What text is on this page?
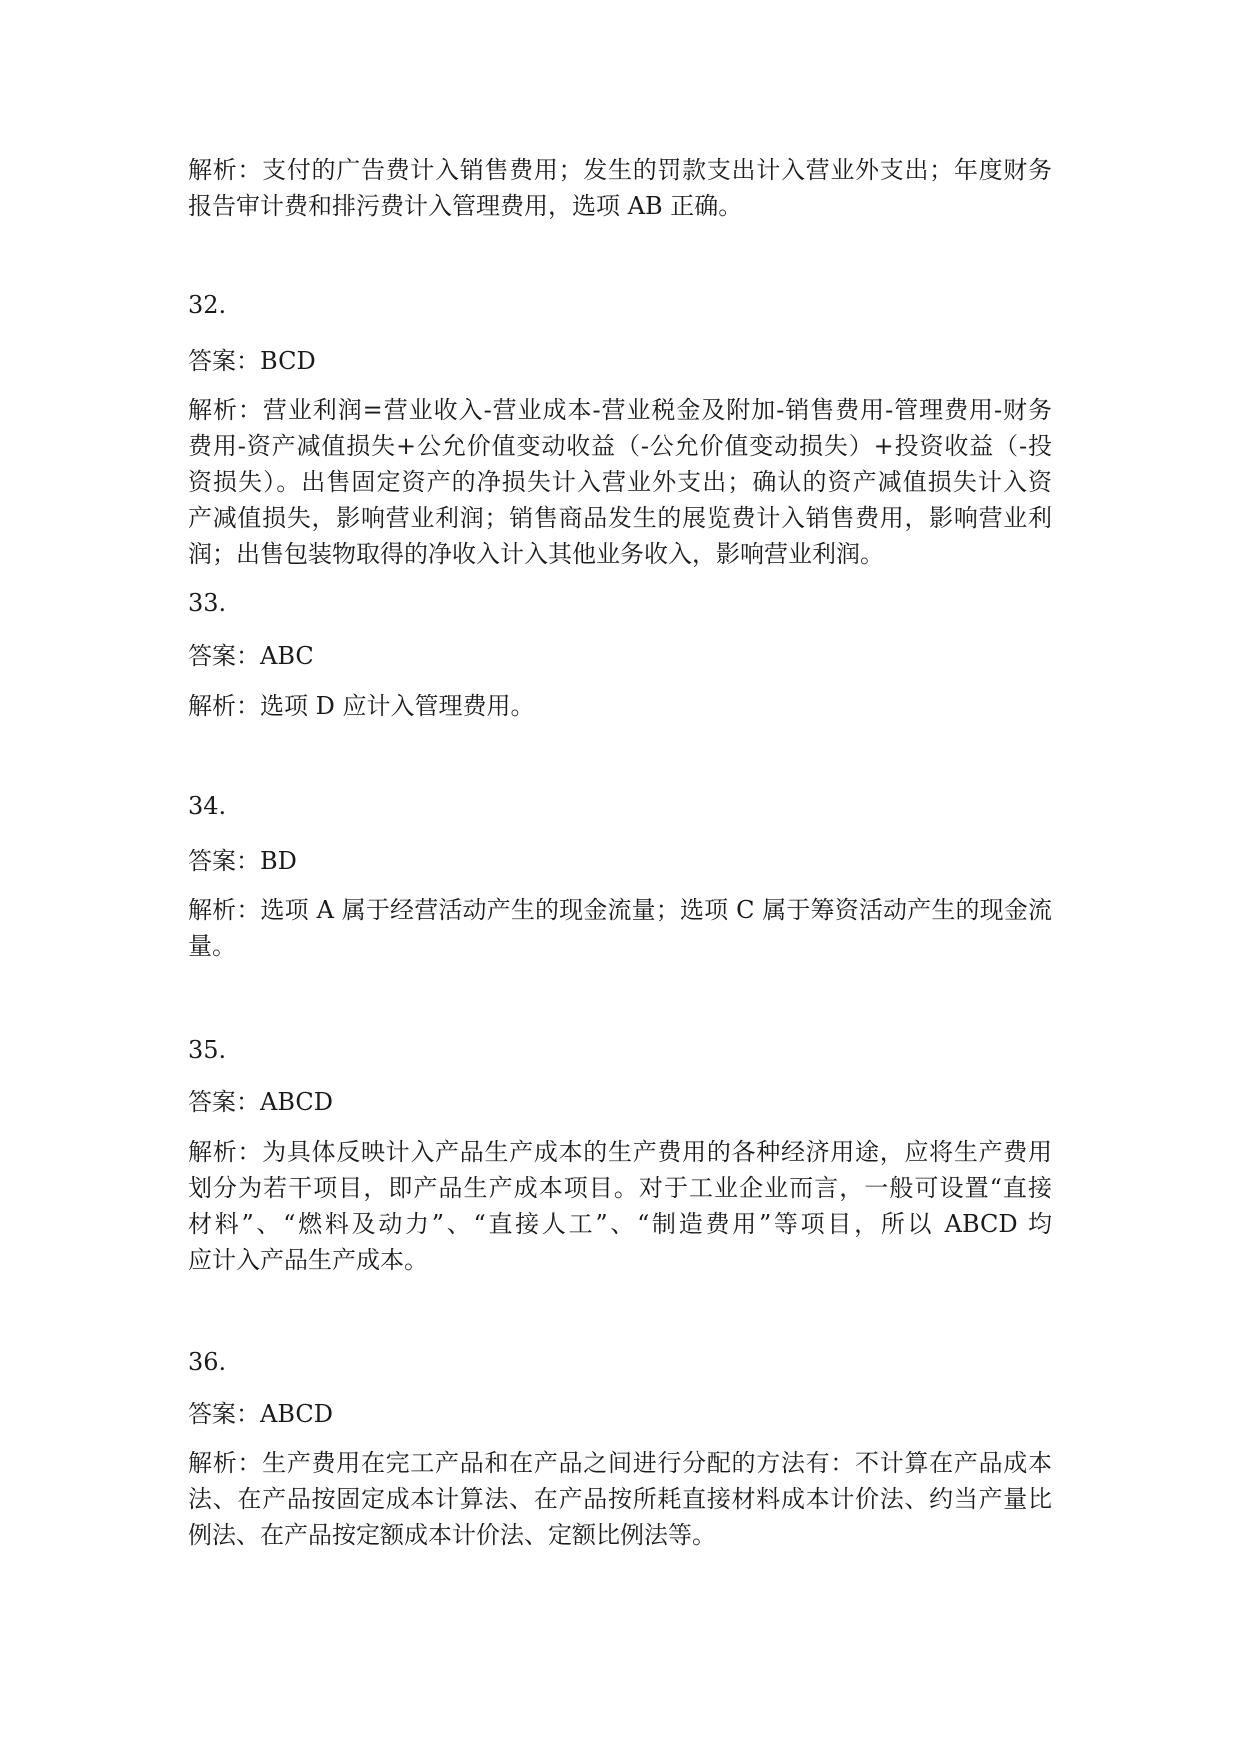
解析：支付的广告费计入销售费用；发生的罚款支出计入营业外支出；年度财务
报告审计费和排污费计入管理费用，选项 AB 正确。
32.
答案：BCD
解析：营业利润=营业收入-营业成本-营业税金及附加-销售费用-管理费用-财务
费用-资产减值损失+公允价值变动收益（-公允价值变动损失）+投资收益（-投
资损失）。出售固定资产的净损失计入营业外支出；确认的资产减值损失计入资
产减值损失，影响营业利润；销售商品发生的展览费计入销售费用，影响营业利
润；出售包装物取得的净收入计入其他业务收入，影响营业利润。
33.
答案：ABC
解析：选项 D 应计入管理费用。
34.
答案：BD
解析：选项 A 属于经营活动产生的现金流量；选项 C 属于筹资活动产生的现金流
量。
35.
答案：ABCD
解析：为具体反映计入产品生产成本的生产费用的各种经济用途，应将生产费用
划分为若干项目，即产品生产成本项目。对于工业企业而言，一般可设置“直接
材料”、“燃料及动力”、“直接人工”、“制造费用”等项目，所以 ABCD 均
应计入产品生产成本。
36.
答案：ABCD
解析：生产费用在完工产品和在产品之间进行分配的方法有：不计算在产品成本
法、在产品按固定成本计算法、在产品按所耗直接材料成本计价法、约当产量比
例法、在产品按定额成本计价法、定额比例法等。
